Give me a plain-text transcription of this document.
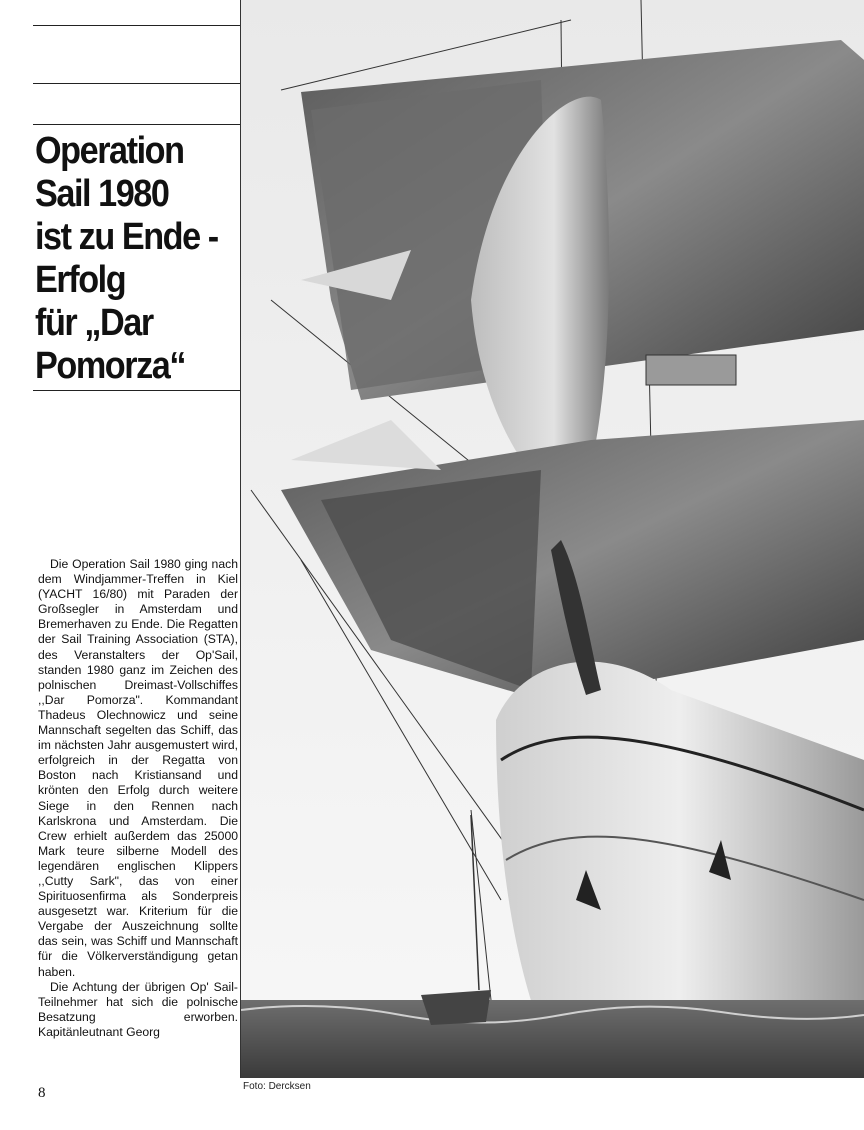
Operation
Sail 1980
ist zu Ende -
Erfolg
für „Dar
Pomorza“

Die Operation Sail 1980 ging nach dem Windjammer-Treffen in Kiel (YACHT 16/80) mit Paraden der Großsegler in Amsterdam und Bremerhaven zu Ende. Die Regatten der Sail Training Association (STA), des Veranstalters der Op'Sail, standen 1980 ganz im Zeichen des polnischen Dreimast-Vollschiffes ,,Dar Pomorza". Kommandant Thadeus Olechnowicz und seine Mannschaft segelten das Schiff, das im nächsten Jahr ausgemustert wird, erfolgreich in der Regatta von Boston nach Kristiansand und krönten den Erfolg durch weitere Siege in den Rennen nach Karlskrona und Amsterdam. Die Crew erhielt außerdem das 25000 Mark teure silberne Modell des legendären englischen Klippers ,,Cutty Sark", das von einer Spirituosenfirma als Sonderpreis ausgesetzt war. Kriterium für die Vergabe der Auszeichnung sollte das sein, was Schiff und Mannschaft für die Völkerverständigung getan haben.

Die Achtung der übrigen Op' Sail-Teilnehmer hat sich die polnische Besatzung erworben. Kapitänleutnant Georg

8	Foto: Dercksen
